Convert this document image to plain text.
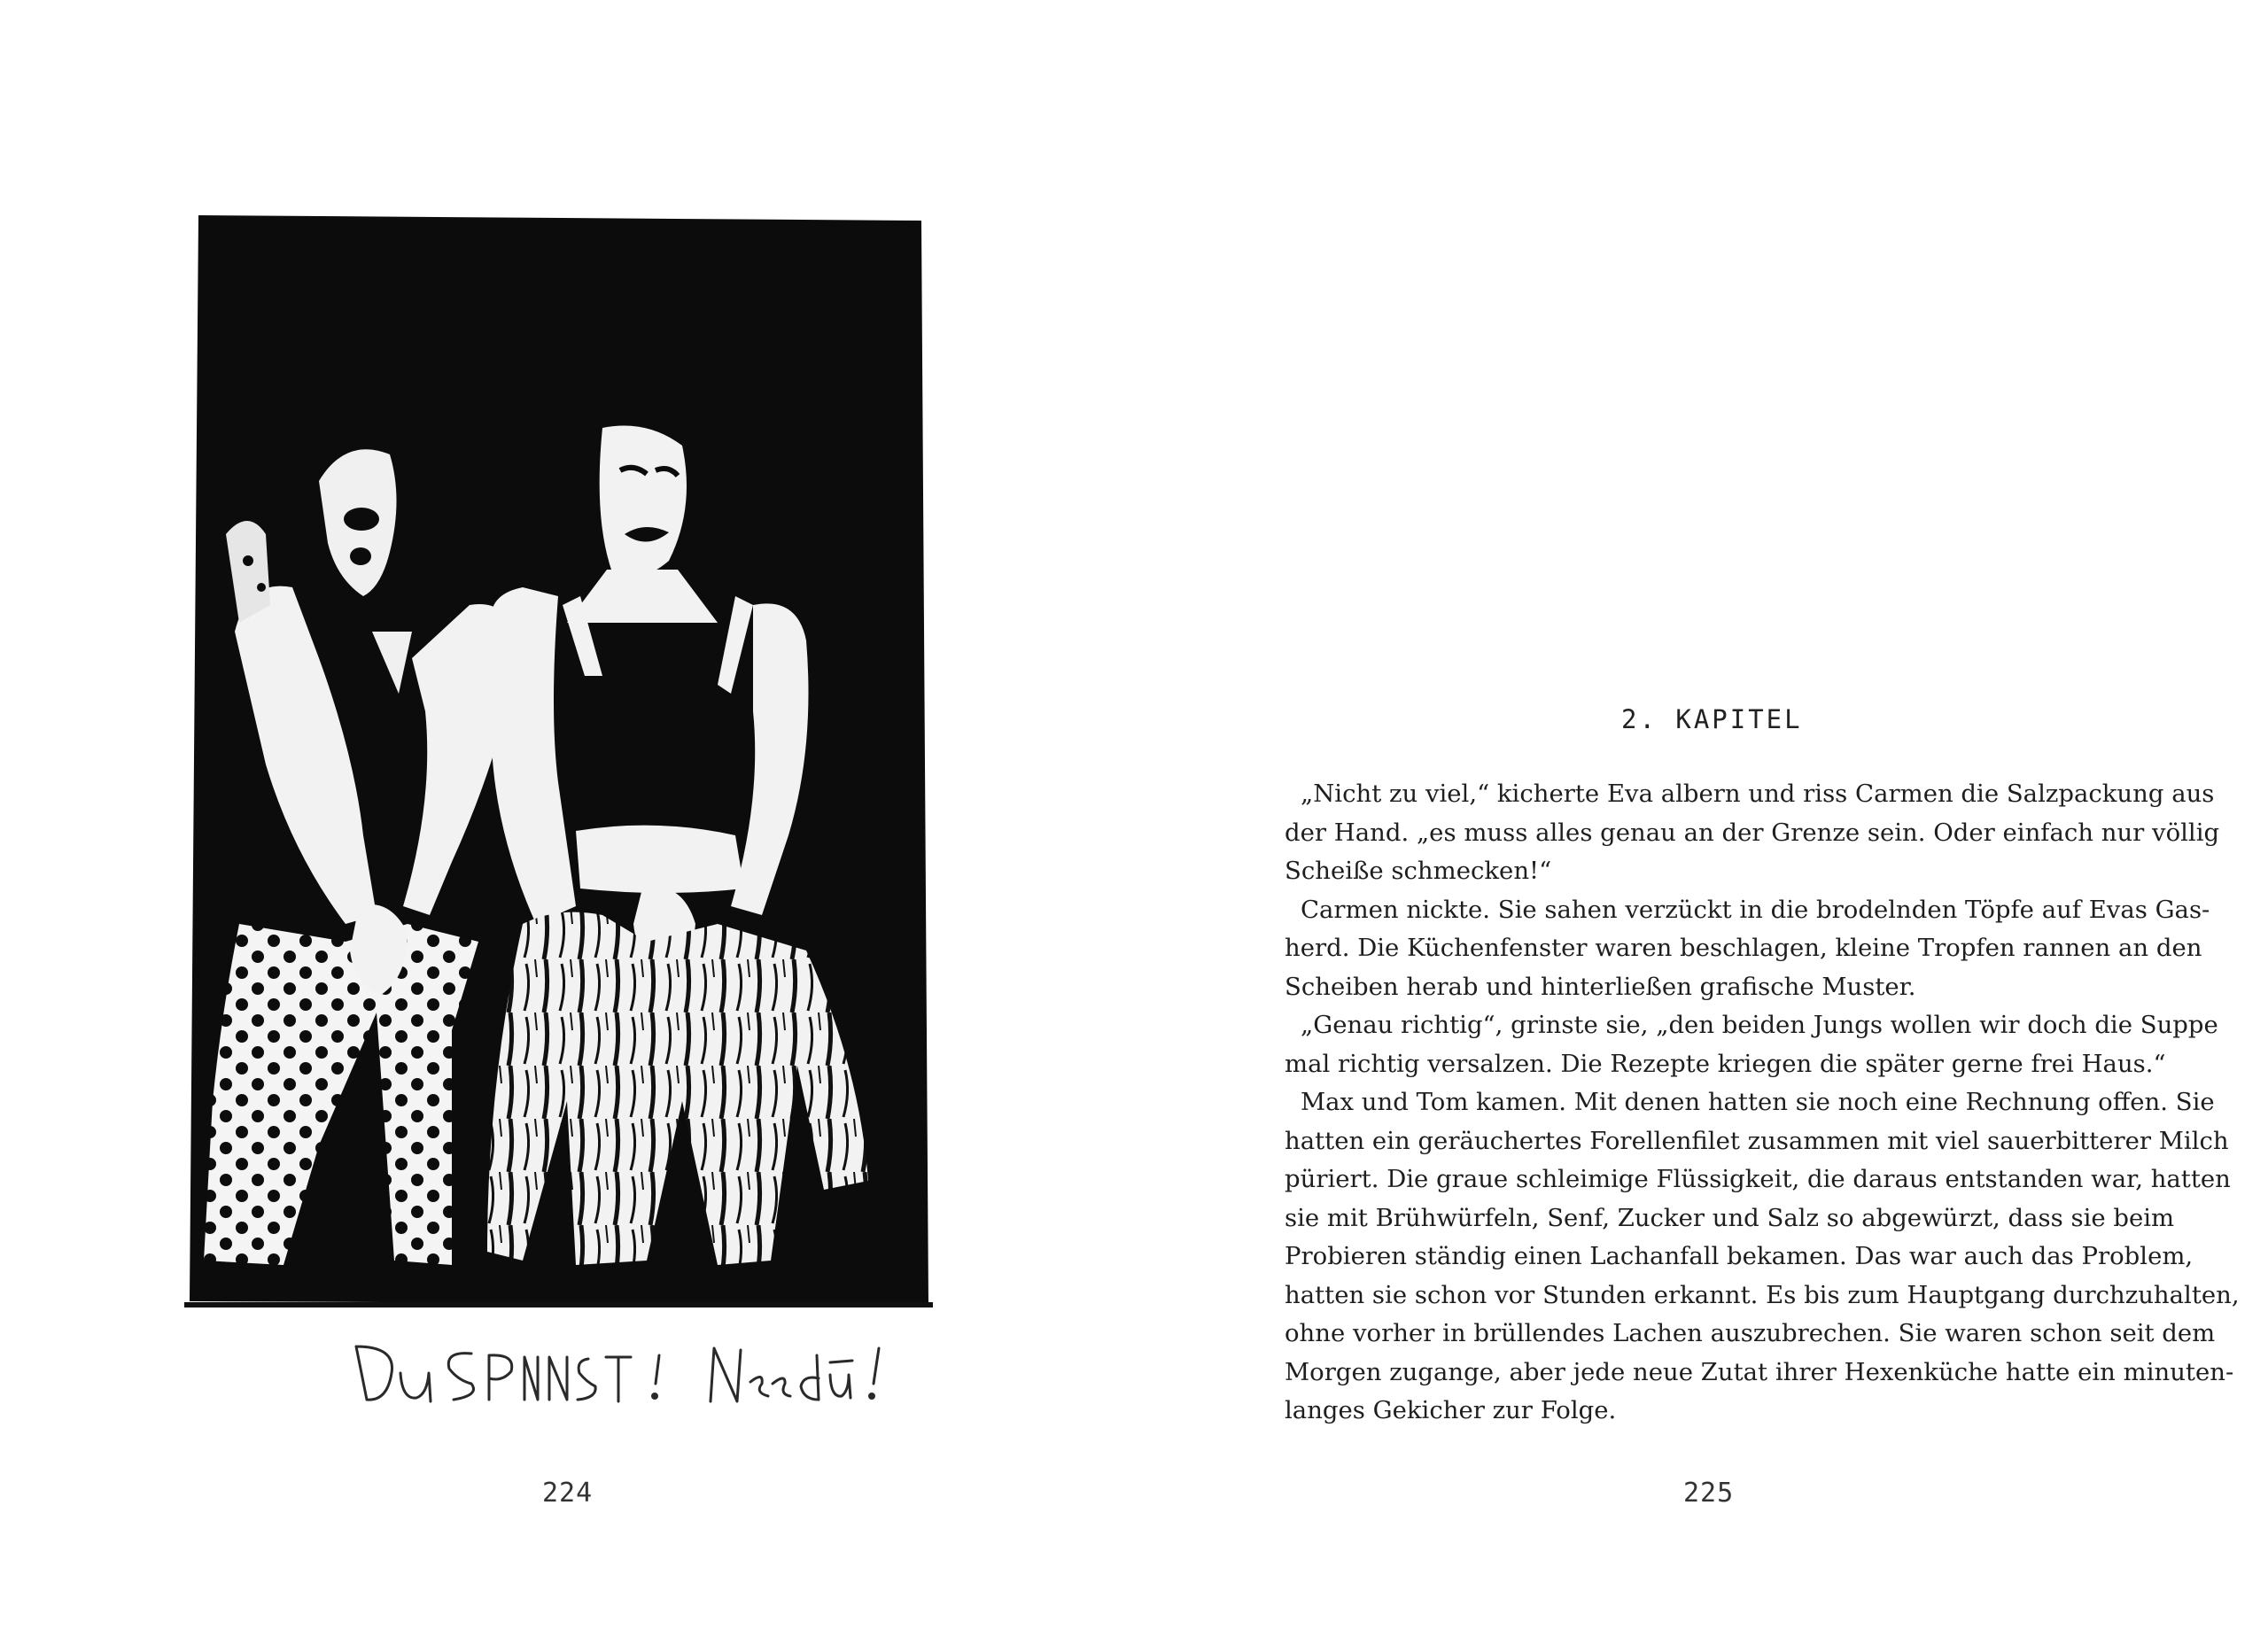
224
2. KAPITEL
„Nicht zu viel,“ kicherte Eva albern und riss Carmen die Salzpackung aus
der Hand. „es muss alles genau an der Grenze sein. Oder einfach nur völlig
Scheiße schmecken!“
Carmen nickte. Sie sahen verzückt in die brodelnden Töpfe auf Evas Gas-
herd. Die Küchenfenster waren beschlagen, kleine Tropfen rannen an den
Scheiben herab und hinterließen grafische Muster.
„Genau richtig“, grinste sie, „den beiden Jungs wollen wir doch die Suppe
mal richtig versalzen. Die Rezepte kriegen die später gerne frei Haus.“
Max und Tom kamen. Mit denen hatten sie noch eine Rechnung offen. Sie
hatten ein geräuchertes Forellenfilet zusammen mit viel sauerbitterer Milch
püriert. Die graue schleimige Flüssigkeit, die daraus entstanden war, hatten
sie mit Brühwürfeln, Senf, Zucker und Salz so abgewürzt, dass sie beim
Probieren ständig einen Lachanfall bekamen. Das war auch das Problem,
hatten sie schon vor Stunden erkannt. Es bis zum Hauptgang durchzuhalten,
ohne vorher in brüllendes Lachen auszubrechen. Sie waren schon seit dem
Morgen zugange, aber jede neue Zutat ihrer Hexenküche hatte ein minuten-
langes Gekicher zur Folge.
225
